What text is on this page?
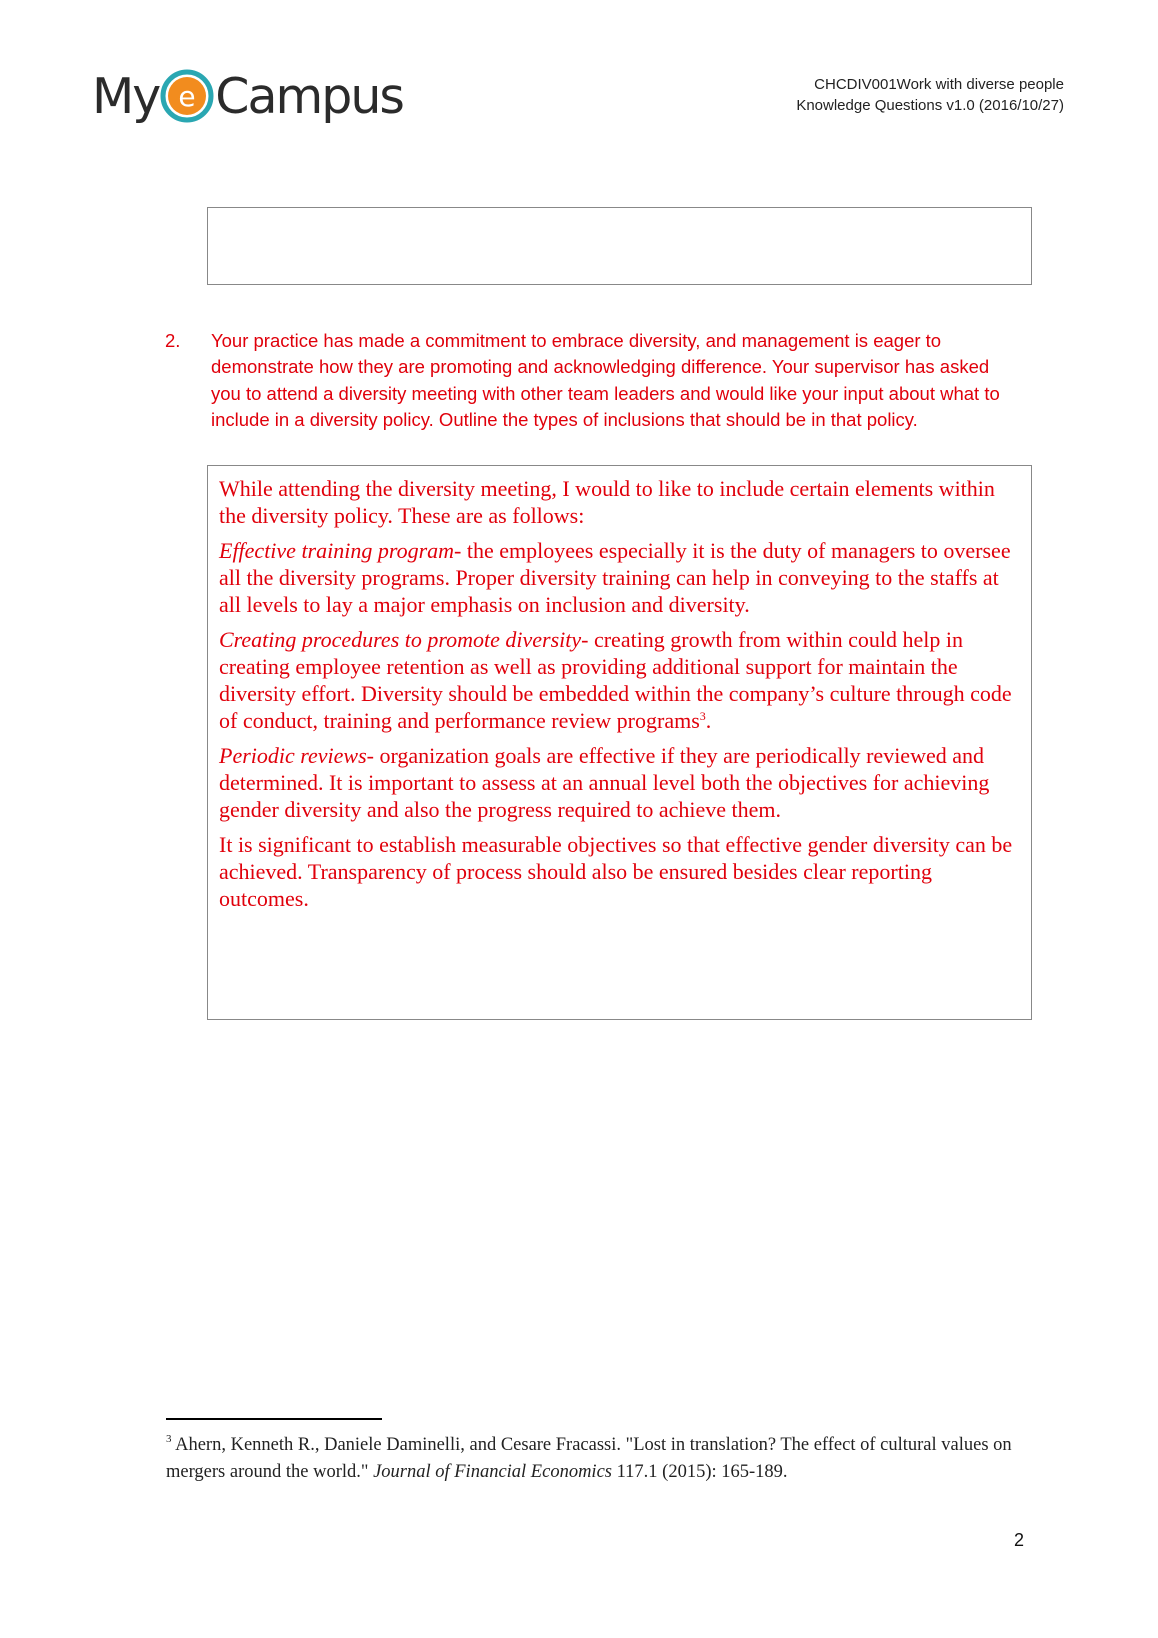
My e Campus	CHCDIV001Work with diverse people
Knowledge Questions v1.0 (2016/10/27)
2. Your practice has made a commitment to embrace diversity, and management is eager to demonstrate how they are promoting and acknowledging difference. Your supervisor has asked you to attend a diversity meeting with other team leaders and would like your input about what to include in a diversity policy. Outline the types of inclusions that should be in that policy.

While attending the diversity meeting, I would to like to include certain elements within the diversity policy. These are as follows:

Effective training program- the employees especially it is the duty of managers to oversee all the diversity programs. Proper diversity training can help in conveying to the staffs at all levels to lay a major emphasis on inclusion and diversity.

Creating procedures to promote diversity- creating growth from within could help in creating employee retention as well as providing additional support for maintain the diversity effort. Diversity should be embedded within the company’s culture through code of conduct, training and performance review programs$^3$.

Periodic reviews- organization goals are effective if they are periodically reviewed and determined. It is important to assess at an annual level both the objectives for achieving gender diversity and also the progress required to achieve them.

It is significant to establish measurable objectives so that effective gender diversity can be achieved. Transparency of process should also be ensured besides clear reporting outcomes.

$^3$ Ahern, Kenneth R., Daniele Daminelli, and Cesare Fracassi. "Lost in translation? The effect of cultural values on mergers around the world." Journal of Financial Economics 117.1 (2015): 165-189.
2
